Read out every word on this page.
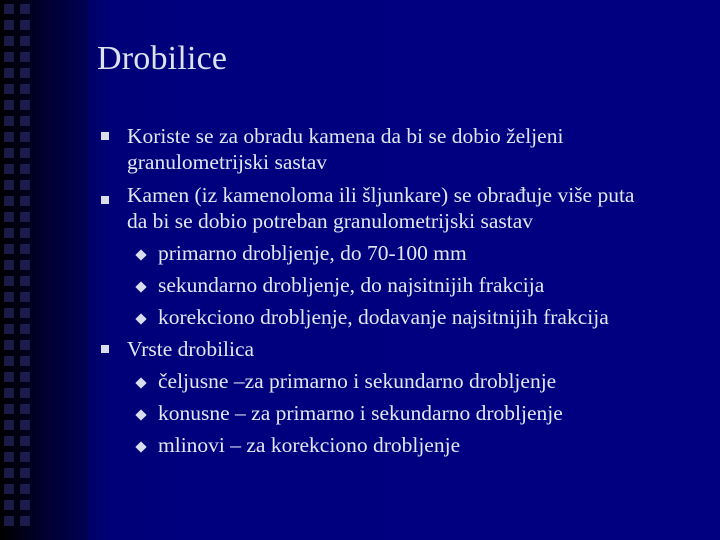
Drobilice
Koriste se za obradu kamena da bi se dobio željeni
granulometrijski sastav
Kamen (iz kamenoloma ili šljunkare) se obrađuje više puta
da bi se dobio potreban granulometrijski sastav
primarno drobljenje, do 70-100 mm
sekundarno drobljenje, do najsitnijih frakcija
korekciono drobljenje, dodavanje najsitnijih frakcija
Vrste drobilica
čeljusne –za primarno i sekundarno drobljenje
konusne – za primarno i sekundarno drobljenje
mlinovi – za korekciono drobljenje
